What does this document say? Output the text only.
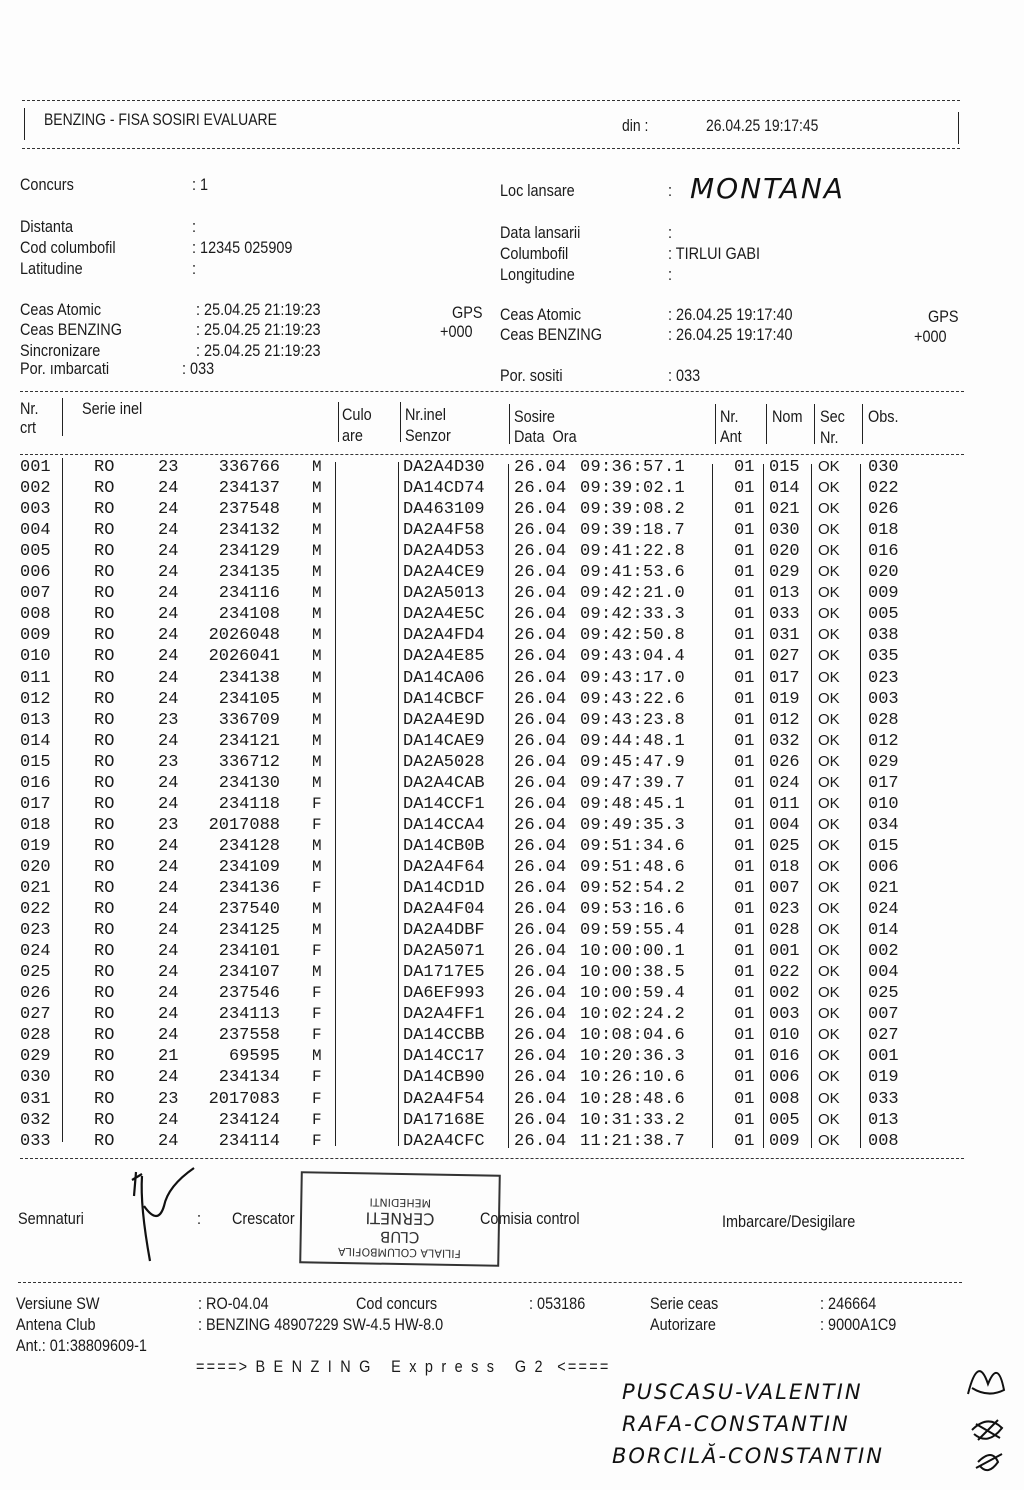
BENZING - FISA SOSIRI EVALUARE	din :	26.04.25 19:17:45
Concurs	: 1
Distanta	:
Cod columbofil	: 12345 025909
Latitudine	:
Loc lansare	: MONTANA
Data lansarii	:
Columbofil	: TIRLUI GABI
Longitudine	:
Ceas Atomic	: 25.04.25 21:19:23	GPS
Ceas BENZING	: 25.04.25 21:19:23	+000
Sincronizare	: 25.04.25 21:19:23
Por. ımbarcati	: 033
Ceas Atomic	: 26.04.25 19:17:40	GPS
Ceas BENZING	: 26.04.25 19:17:40	+000
Por. sositi	: 033
Nr.
crt
Serie inel	Culo
are
Nr.inel
Senzor
Sosire
Data  Ora
Nr.
Ant
Nom Sec
Nr.
Obs.
001	RO	23	336766 M	DA2A4D30 26.04 09:36:57.1	01 015 OK 030
002	RO	24	234137 M	DA14CD74 26.04 09:39:02.1	01 014 OK 022
003	RO	24	237548 M	DA463109 26.04 09:39:08.2	01 021 OK 026
004	RO	24	234132 M	DA2A4F58 26.04 09:39:18.7	01 030 OK 018
005	RO	24	234129 M	DA2A4D53 26.04 09:41:22.8	01 020 OK 016
006	RO	24	234135 M	DA2A4CE9 26.04 09:41:53.6	01 029 OK 020
007	RO	24	234116 M	DA2A5013 26.04 09:42:21.0	01 013 OK 009
008	RO	24	234108 M	DA2A4E5C 26.04 09:42:33.3	01 033 OK 005
009	RO	24	2026048 M	DA2A4FD4 26.04 09:42:50.8	01 031 OK 038
010	RO	24	2026041 M	DA2A4E85 26.04 09:43:04.4	01 027 OK 035
011	RO	24	234138 M	DA14CA06 26.04 09:43:17.0	01 017 OK 023
012	RO	24	234105 M	DA14CBCF 26.04 09:43:22.6	01 019 OK 003
013	RO	23	336709 M	DA2A4E9D 26.04 09:43:23.8	01 012 OK 028
014	RO	24	234121 M	DA14CAE9 26.04 09:44:48.1	01 032 OK 012
015	RO	23	336712 M	DA2A5028 26.04 09:45:47.9	01 026 OK 029
016	RO	24	234130 M	DA2A4CAB 26.04 09:47:39.7	01 024 OK 017
017	RO	24	234118 F	DA14CCF1 26.04 09:48:45.1	01 011 OK 010
018	RO	23	2017088 F	DA14CCA4 26.04 09:49:35.3	01 004 OK 034
019	RO	24	234128 M	DA14CB0B 26.04 09:51:34.6	01 025 OK 015
020	RO	24	234109 M	DA2A4F64 26.04 09:51:48.6	01 018 OK 006
021	RO	24	234136 F	DA14CD1D 26.04 09:52:54.2	01 007 OK 021
022	RO	24	237540 M	DA2A4F04 26.04 09:53:16.6	01 023 OK 024
023	RO	24	234125 M	DA2A4DBF 26.04 09:59:55.4	01 028 OK 014
024	RO	24	234101 F	DA2A5071 26.04 10:00:00.1	01 001 OK 002
025	RO	24	234107 M	DA1717E5 26.04 10:00:38.5	01 022 OK 004
026	RO	24	237546 F	DA6EF993 26.04 10:00:59.4	01 002 OK 025
027	RO	24	234113 F	DA2A4FF1 26.04 10:02:24.2	01 003 OK 007
028	RO	24	237558 F	DA14CCBB 26.04 10:08:04.6	01 010 OK 027
029	RO	21	69595 M	DA14CC17 26.04 10:20:36.3	01 016 OK 001
030	RO	24	234134 F	DA14CB90 26.04 10:26:10.6	01 006 OK 019
031	RO	23	2017083 F	DA2A4F54 26.04 10:28:48.6	01 008 OK 033
032	RO	24	234124 F	DA17168E 26.04 10:31:33.2	01 005 OK 013
033	RO	24	234114 F	DA2A4CFC 26.04 11:21:38.7	01 009 OK 008
Semnaturi	: Crescator
FILIALA COLUMBOFILA
CLUB
CERNETI
MEHEDINTI
Comisia control	Imbarcare/Desigilare
Versiune SW	: RO-04.04	Cod concurs	: 053186	Serie ceas	: 246664
Antena Club	: BENZING 48907229 SW-4.5 HW-8.0	Autorizare	: 9000A1C9
Ant.: 01:38809609-1
====> B E N Z I N G   E x p r e s s   G 2  <====
PUSCASU-VALENTIN
RAFA-CONSTANTIN
BORCILĂ-CONSTANTIN
